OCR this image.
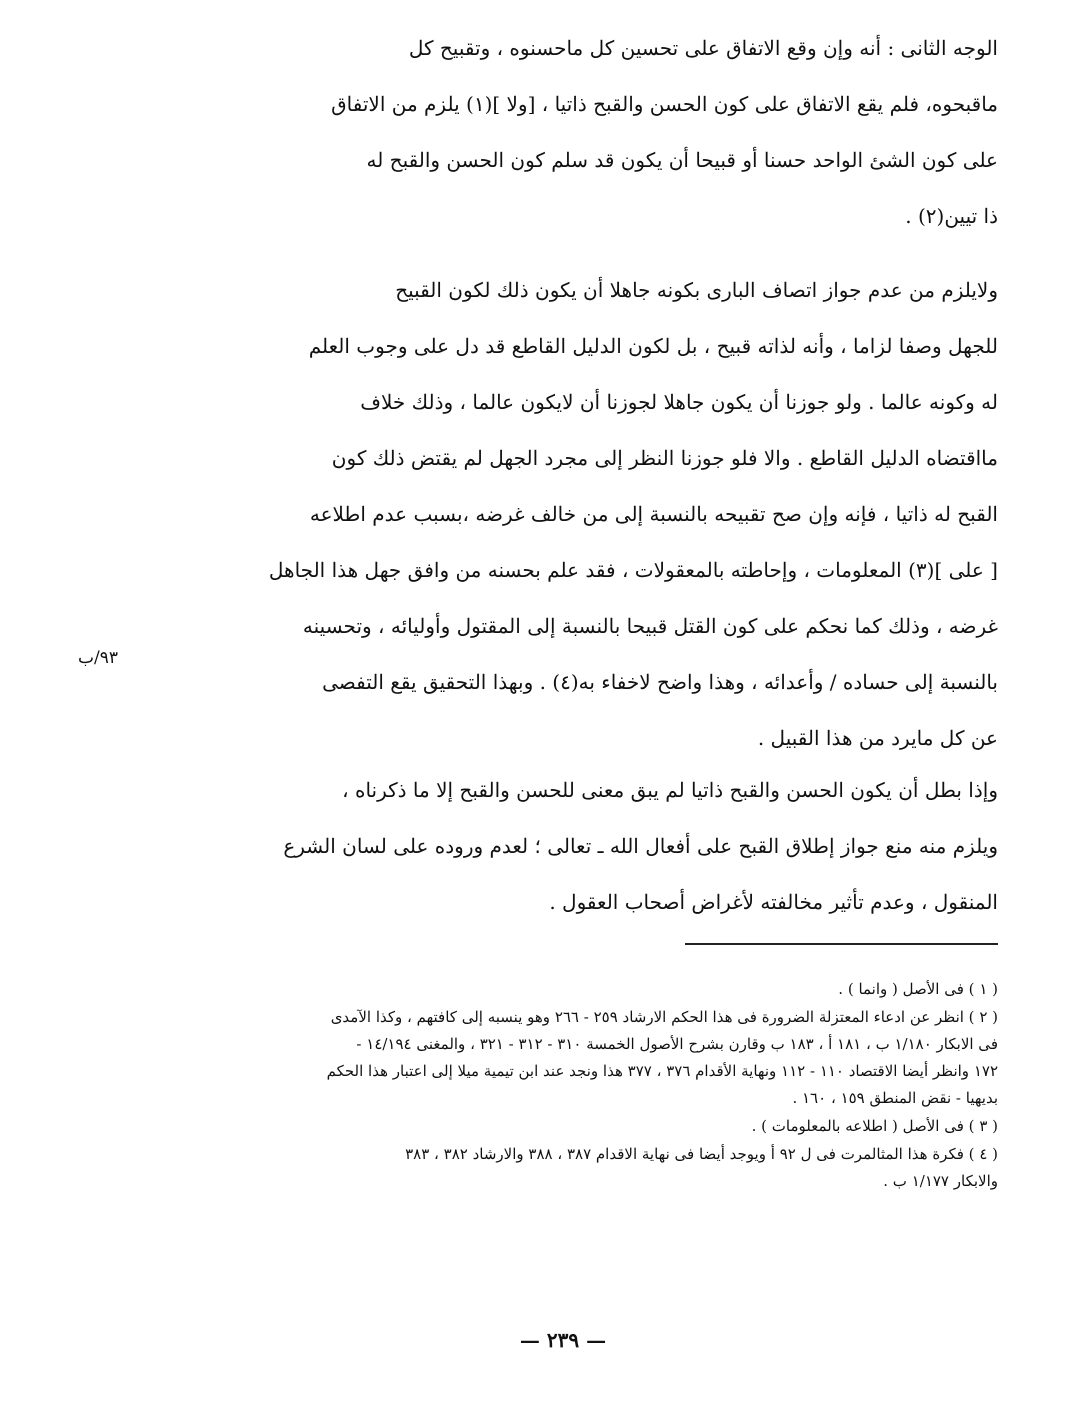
الوجه الثانى : أنه وإن وقع الاتفاق على تحسين كل ماحسنوه ، وتقبيح كل
ماقبحوه، فلم يقع الاتفاق على كون الحسن والقبح ذاتيا ، [ولا ](١) يلزم من الاتفاق
على كون الشئ الواحد حسنا أو قبيحا أن يكون قد سلم كون الحسن والقبح له
ذا تيين(٢) .
ولايلزم من عدم جواز اتصاف البارى بكونه جاهلا أن يكون ذلك لكون القبيح
للجهل وصفا لزاما ، وأنه لذاته قبيح ، بل لكون الدليل القاطع قد دل على وجوب العلم
له وكونه عالما . ولو جوزنا أن يكون جاهلا لجوزنا أن لايكون عالما ، وذلك خلاف
مااقتضاه الدليل القاطع . والا فلو جوزنا النظر إلى مجرد الجهل لم يقتض ذلك كون
القبح له ذاتيا ، فإنه وإن صح تقبيحه بالنسبة إلى من خالف غرضه ،بسبب عدم اطلاعه
[ على ](٣) المعلومات ، وإحاطته بالمعقولات ، فقد علم بحسنه من وافق جهل هذا الجاهل
غرضه ، وذلك كما نحكم على كون القتل قبيحا بالنسبة إلى المقتول وأوليائه ، وتحسينه
بالنسبة إلى حساده / وأعدائه ، وهذا واضح لاخفاء به(٤) . وبهذا التحقيق يقع التفصى
عن كل مايرد من هذا القبيل .
٩٣/ب
وإذا بطل أن يكون الحسن والقبح ذاتيا لم يبق معنى للحسن والقبح إلا ما ذكرناه ،
ويلزم منه منع جواز إطلاق القبح على أفعال الله ـ تعالى ؛ لعدم وروده على لسان الشرع
المنقول ، وعدم تأثير مخالفته لأغراض أصحاب العقول .
( ١ ) فى الأصل ( وانما ) .
( ٢ ) انظر عن ادعاء المعتزلة الضرورة فى هذا الحكم الارشاد ٢٥٩ - ٢٦٦ وهو ينسبه إلى كافتهم ، وكذا الآمدى
فى الابكار ١/١٨٠ ب ، ١٨١ أ ، ١٨٣ ب وقارن بشرح الأصول الخمسة ٣١٠ - ٣١٢ - ٣٢١ ، والمغنى ١٤/١٩٤ -
١٧٢ وانظر أيضا الاقتصاد ١١٠ - ١١٢ ونهاية الأقدام ٣٧٦ ، ٣٧٧ هذا ونجد عند ابن تيمية ميلا إلى اعتبار هذا الحكم
بديهيا - نقض المنطق ١٥٩ ، ١٦٠ .
( ٣ ) فى الأصل ( اطلاعه بالمعلومات ) .
( ٤ ) فكرة هذا المثالمرت فى ل ٩٢ أ ويوجد أيضا فى نهاية الاقدام ٣٨٧ ، ٣٨٨ والارشاد ٣٨٢ ، ٣٨٣
والابكار ١/١٧٧ ب .
— ٢٣٩ —
